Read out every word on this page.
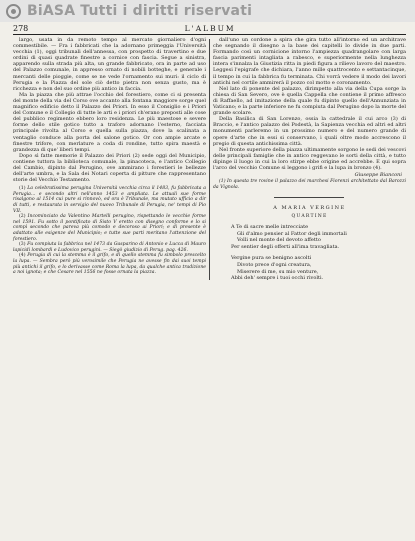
BiASA Tutti i diritti riservati
278	L'ALBUM

largo, usata in da remoto tempo al mercato giornaliero d'ogni commestibile. — Fra i fabbricati che la adornano primeggia l'Università vecchia (1), oggi tribunali dell'annessa, con prospetto di travertino e due ordini di quasi quadrate finestre a cornice con fascia. Segue a sinistra, apparendo sulla strada più alta, un grande fabbricato, ora in parte ad uso del Palazzo comunale, in appresso ornato di nobili botteghe, e generale i mercanti delle pioggie, come se ne vede l'ornamento sui muri: il ciclo di Perugia e la Piazza del sole ciò detto pietra non senza gusto, ma è ricchezza e non del suo ordine più antico in faccia.

Ma la piazza che più attrae l'occhio del forestiero, come ci si presenta del monte della via del Corso ove accanto alla fontana maggiore sorge quel magnifico edificio detto il Palazzo dei Priori. In esso il Consiglio e i Priori del Comune e il Collegio di tutte le arti e i priori ch'erano preposti alle cose del pubblico regimento ebbero loro residenza. Le più maestose e severe forme dello stile gotico tutto a traforo adornano l'esterno, facciata principale rivolta al Corso e quella sulla piazza, dove la scalinata a ventaglio conduce alla porta del salone gotico. Or con ampie arcate e finestre trifore, con merlature a coda di rondine, tutto spira maestà e grandezza di que' liberi tempi.

Dopo sì fatte memorie il Palazzo dei Priori (2) sede oggi del Municipio, contiene tuttora la biblioteca comunale, la pinacoteca, e l'antico Collegio del Cambio, dipinto dal Perugino, ove ammirano i forestieri le bellezze dell'arte umbra, e la Sala dei Notari coperta di pitture che rappresentano storie del Vecchio Testamento.

(1) La celebratissima perugina Università vecchia circa il 1483, fu fabbricata a Perugia... e secondo altri nell'anno 1453 e ampliata. Le attuali sue forme risalgono al 1514 cui pure si rinnovò, ed ora è Tribunale, ma mutato ufficio a dir di tutti, e restaurata in servigio del nuovo Tribunale di Perugia, ne' tempi di Pio VII.

(2) Incominciato da Valentino Martelli perugino, rispettando le vecchie forme nel 1591. Fu sotto il pontificato di Sisto V eretto con disegno conforme e lo si compì secondo che pareva più comodo e decoroso ai Priori; e di presente è adattato alle esigenze del Municipio; e tutte sue parti meritano l'attenzione del forestiero.

(3) Fu compiuta la fabbrica nel 1473 da Gasparino di Antonio e Lucca di Mauro lapicidi lombardi e Ludovico perugini. — Siegò giudizio di Perug. pag. 426.

(4) Perugia di cui la stemma è il grifo, e di quello stemma fu simbolo prescelto la lupa. — Sembra però più verosimile che Perugia ne avesse fin dai suoi tempi più antichi il grifo, e lo derivasse come Roma la lupa, da qualche antica tradizione a noi ignota; e che Cesare nel 1556 ne fosse ornata la piazza.

dall'uno un cordone a spira che gira tutto all'intorno ed un architrave che segnando il disegno a la base dei capitelli lo divide in due parti. Formando così un cornicione intorno l'ampiezza quadrangolare con larga fascia parimenti intagliata a rabesco, e superiormente nella lunghezza intera s'innalza la Giustizia ritta in piedi figura a rilievo lavoro del maestro. Leggesi l'epigrafe che dichiara, l'anno mille quattrocento e settantacinque, il tempo in cui la fabbrica fu terminata. Chi vorrà vedere il modo dei lavori antichi nel cortile ammirerà il pozzo col motto e coronamento.

Nel lato di ponente del palazzo, dirimpetto alla via della Cupa sorge la chiesa di San Severo, ove è quella Cappella che contiene il primo affresco di Raffaello, ad imitazione della quale fu dipinto quello dell'Annunziata in Vaticano; e la parte inferiore ne fu compiuta dal Perugino dopo la morte del grande scolare.

Della Basilica di San Lorenzo, ossia la cattedrale il cui arco (3) di Braccio, e l'antico palazzo dei Podestà, la Sapienza vecchia ed altri ed altri monumenti parleremo in un prossimo numero e del numero grande di opere d'arte che in essi si conservano, i quali oltre modo accrescono il pregio di questa antichissima città.

Nel fronte superiore della piazza ultimamente sorgono le sedi dei vescovi delle principali famiglie che in antico reggevano le sorti della città, e tutto dipinge il luogo in cui la loro stirpe ebbe origine ed accrebbe. E qui sopra l'arco del vecchio Comune si leggono i grifi e la lupa in bronzo (4).

Giuseppe Bianconi

(1) In questa tre rovine il palazzo dei marchesi Fiorenzi architettato dal Barozzi da Vignola.

A MARIA VERGINE
QUARTINE
A Te di sacre melle intrecciate
Gli d'almo pensier al Fattor degli immortali
Volli nel monte del devoto affetto
Per sentier degli offerti all'ima travagliata.
Vergine pura se benigno ascolti
Divoto prece d'ogni creatura,
Miserere di me, su mio venture,
Abbi deh' sempre i tuoi occhi rivolti.
